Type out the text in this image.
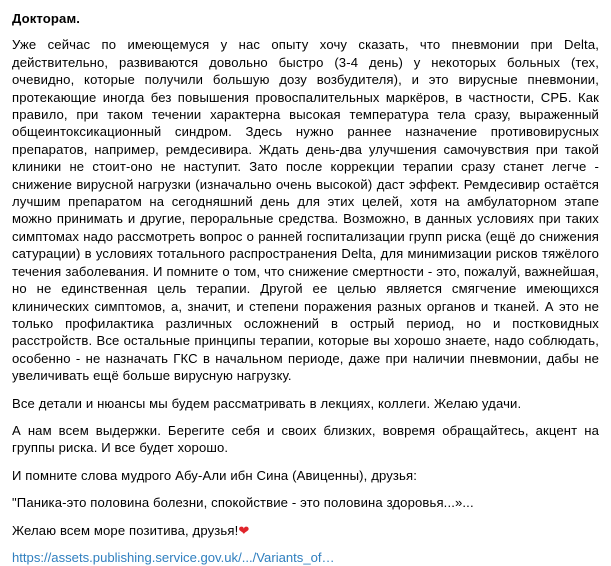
Докторам.

Уже сейчас по имеющемуся у нас опыту хочу сказать, что пневмонии при Delta, действительно, развиваются довольно быстро (3-4 день) у некоторых больных (тех, очевидно, которые получили большую дозу возбудителя), и это вирусные пневмонии, протекающие иногда без повышения провоспалительных маркёров, в частности, СРБ. Как правило, при таком течении характерна высокая температура тела сразу, выраженный общеинтоксикационный синдром. Здесь нужно раннее назначение противовирусных препаратов, например, ремдесивира. Ждать день-два улучшения самочувствия при такой клиники не стоит-оно не наступит. Зато после коррекции терапии сразу станет легче - снижение вирусной нагрузки (изначально очень высокой) даст эффект. Ремдесивир остаётся лучшим препаратом на сегодняшний день для этих целей, хотя на амбулаторном этапе можно принимать и другие, пероральные средства. Возможно, в данных условиях при таких симптомах надо рассмотреть вопрос о ранней госпитализации групп риска (ещё до снижения сатурации) в условиях тотального распространения Delta, для минимизации рисков тяжёлого течения заболевания. И помните о том, что снижение смертности - это, пожалуй, важнейшая, но не единственная цель терапии. Другой ее целью является смягчение имеющихся клинических симптомов, а, значит, и степени поражения разных органов и тканей. А это не только профилактика различных осложнений в острый период, но и постковидных расстройств. Все остальные принципы терапии, которые вы хорошо знаете, надо соблюдать, особенно - не назначать ГКС в начальном периоде, даже при наличии пневмонии, дабы не увеличивать ещё больше вирусную нагрузку.

Все детали и нюансы мы будем рассматривать в лекциях, коллеги. Желаю удачи.

А нам всем выдержки. Берегите себя и своих близких, вовремя обращайтесь, акцент на группы риска. И все будет хорошо.

И помните слова мудрого Абу-Али ибн Сина (Авиценны), друзья:

"Паника-это половина болезни, спокойствие - это половина здоровья...»...

Желаю всем море позитива, друзья!❤

https://assets.publishing.service.gov.uk/.../Variants_of…
